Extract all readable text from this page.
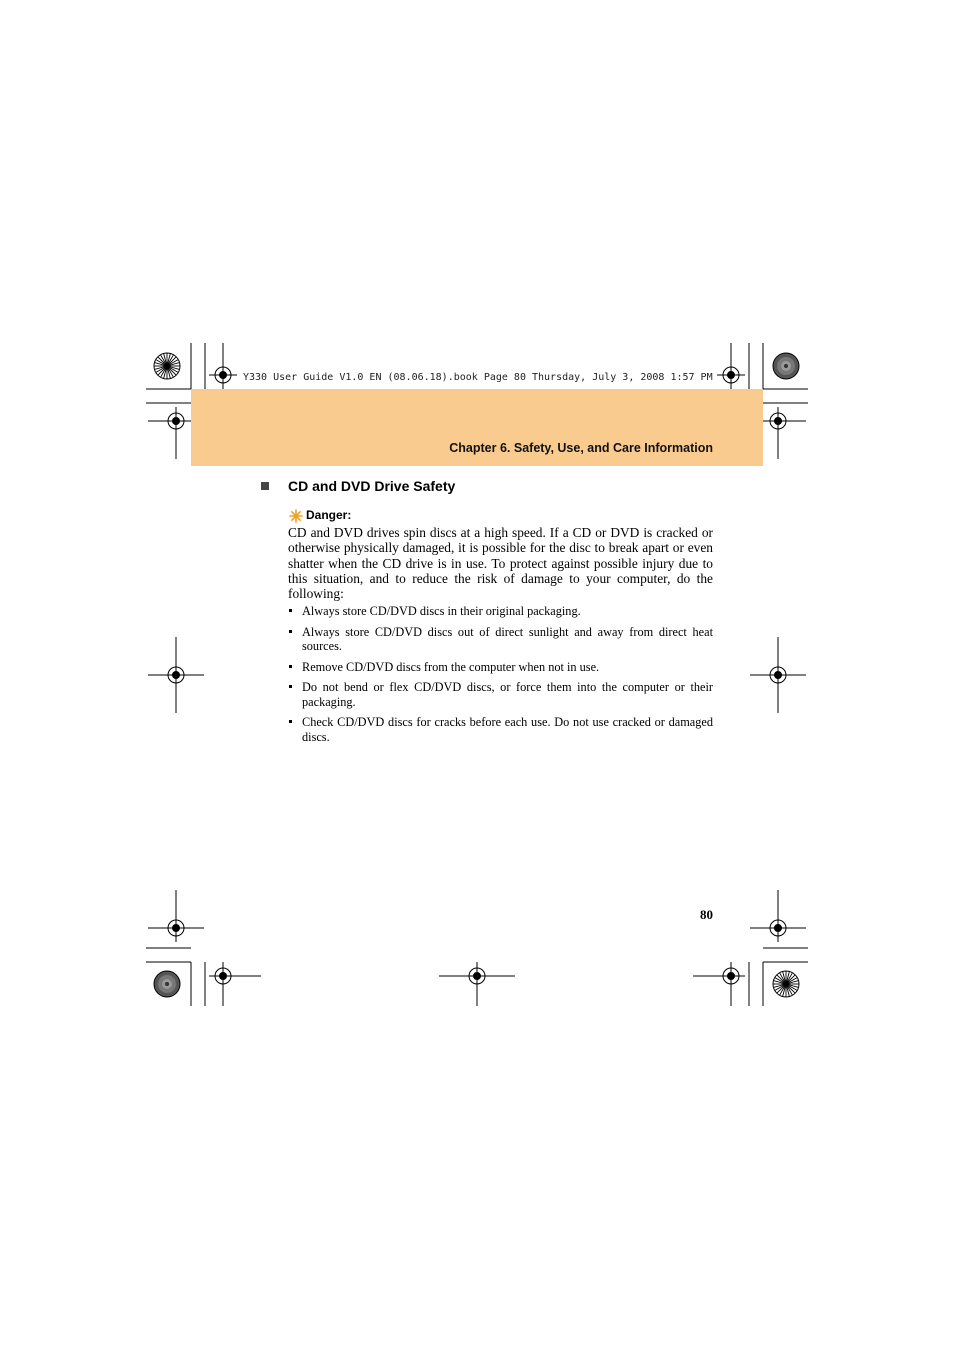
Y330 User Guide V1.0 EN (08.06.18).book Page 80 Thursday, July 3, 2008 1:57 PM
Chapter 6. Safety, Use, and Care Information
CD and DVD Drive Safety
Danger:

CD and DVD drives spin discs at a high speed. If a CD or DVD is cracked or otherwise physically damaged, it is possible for the disc to break apart or even shatter when the CD drive is in use. To protect against possible injury due to this situation, and to reduce the risk of damage to your computer, do the following:

Always store CD/DVD discs in their original packaging.
Always store CD/DVD discs out of direct sunlight and away from direct heat sources.
Remove CD/DVD discs from the computer when not in use.
Do not bend or flex CD/DVD discs, or force them into the computer or their packaging.
Check CD/DVD discs for cracks before each use. Do not use cracked or damaged discs.
80
